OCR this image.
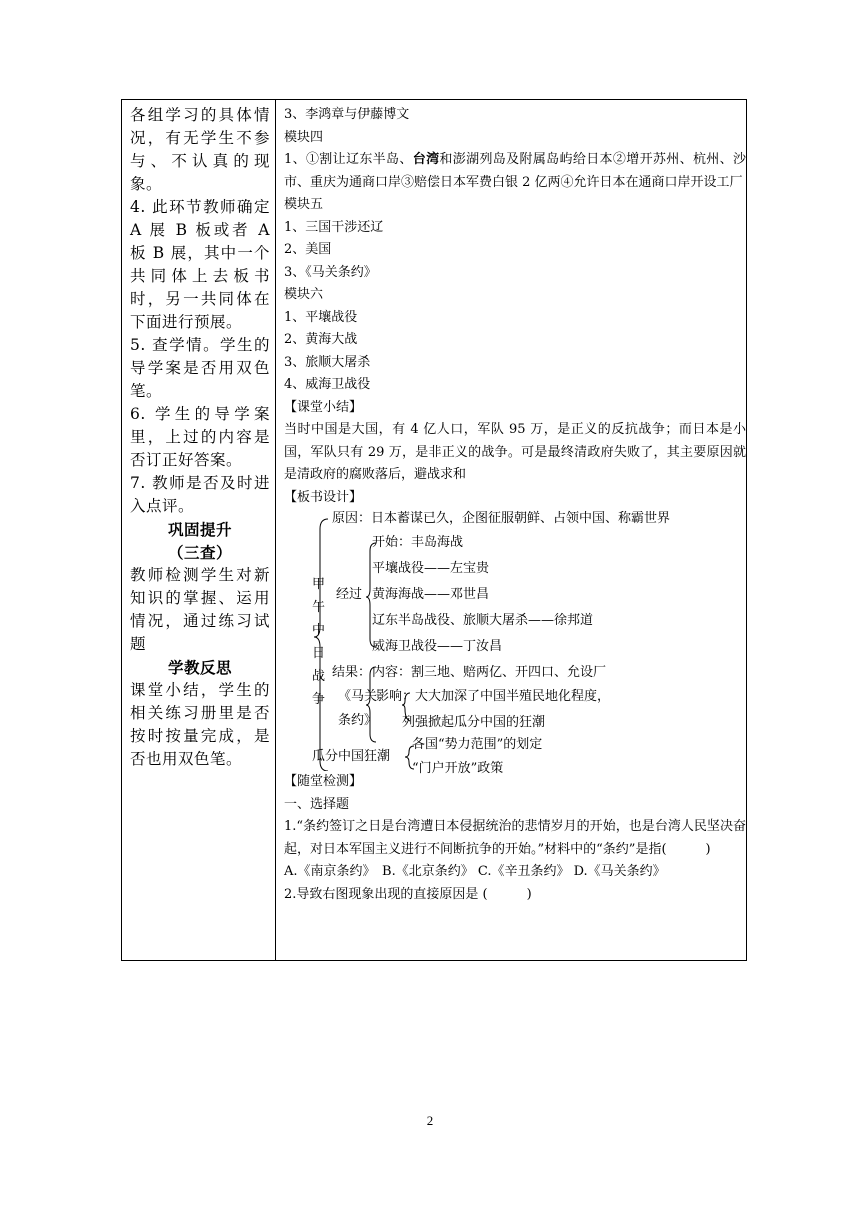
各组学习的具体情况，有无学生不参与、不认真的现象。

4. 此环节教师确定 A 展 B 板或者 A 板 B 展，其中一个共同体上去板书时，另一共同体在下面进行预展。

5. 查学情。学生的导学案是否用双色笔。

6. 学生的导学案里，上过的内容是否订正好答案。

7. 教师是否及时进入点评。

巩固提升

（三查）

教师检测学生对新知识的掌握、运用情况，通过练习试题

学教反思

课堂小结，学生的相关练习册里是否按时按量完成，是否也用双色笔。

3、李鸿章与伊藤博文

模块四

1、①割让辽东半岛、台湾和澎湖列岛及附属岛屿给日本②增开苏州、杭州、沙市、重庆为通商口岸③赔偿日本军费白银 2 亿两④允许日本在通商口岸开设工厂

模块五

1、三国干涉还辽

2、美国

3、《马关条约》

模块六

1、平壤战役

2、黄海大战

3、旅顺大屠杀

4、威海卫战役

【课堂小结】

当时中国是大国，有 4 亿人口，军队 95 万，是正义的反抗战争；而日本是小国，军队只有 29 万，是非正义的战争。可是最终清政府失败了，其主要原因就是清政府的腐败落后，避战求和

【板书设计】

甲
午
中
日
战
争
原因：日本蓄谋已久，企图征服朝鲜、占领中国、称霸世界
经过
开始：丰岛海战
平壤战役——左宝贵
黄海海战——邓世昌
辽东半岛战役、旅顺大屠杀——徐邦道
威海卫战役——丁汝昌
结果：
《马关
条约》
内容：割三地、赔两亿、开四口、允设厂
影响：大大加深了中国半殖民地化程度，
列强掀起瓜分中国的狂潮
瓜分中国狂潮
各国“势力范围”的划定
“门户开放”政策

【随堂检测】

一、选择题

1.“条约签订之日是台湾遭日本侵据统治的悲情岁月的开始，也是台湾人民坚决奋起，对日本军国主义进行不间断抗争的开始。”材料中的“条约”是指(　　　)

A.《南京条约》　B.《北京条约》 C.《辛丑条约》 D.《马关条约》

2.导致右图现象出现的直接原因是 (　　　)

2
